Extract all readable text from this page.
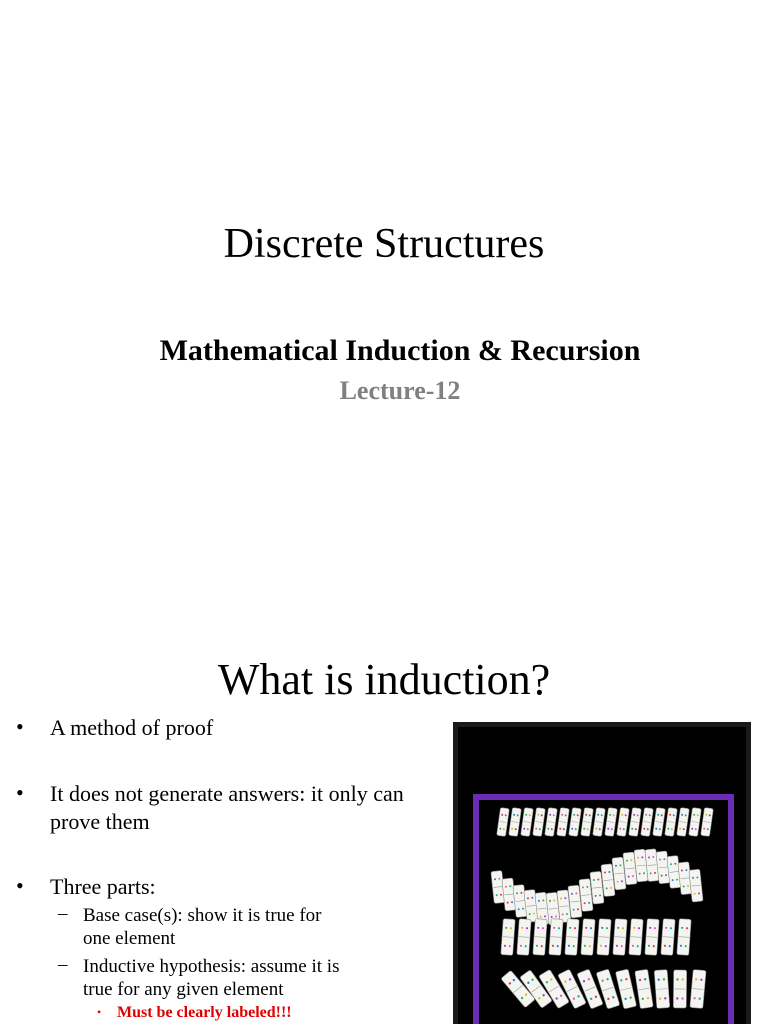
Discrete Structures
Mathematical Induction & Recursion
Lecture-12
What is induction?
• A method of proof
• It does not generate answers: it only can prove them
• Three parts:
– Base case(s): show it is true for one element
– Inductive hypothesis: assume it is true for any given element
• Must be clearly labeled!!!
